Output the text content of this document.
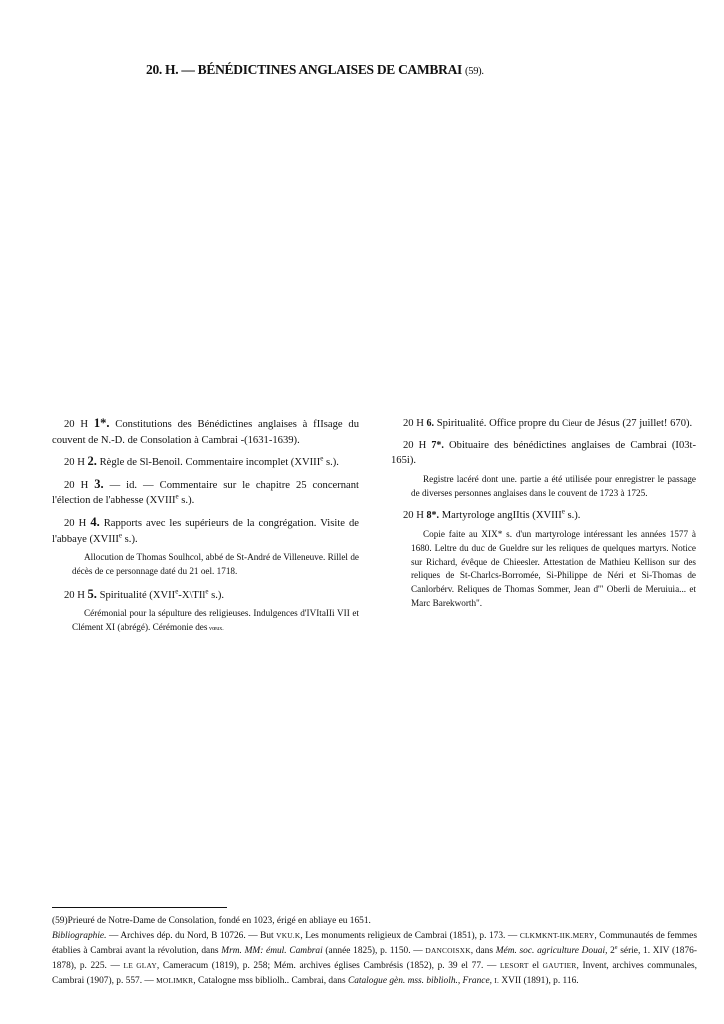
20. H. — BÉNÉDICTINES ANGLAISES DE CAMBRAI (59).

20 H 1*. Constitutions des Bénédictines anglaises à fIIsage du couvent de N.-D. de Consolation à Cambrai -(1631-1639).

20 H 2. Règle de Sl-Benoil. Commentaire incomplet (XVIIIe s.).

20 H 3. — id. — Commentaire sur le chapitre 25 concernant l'élection de l'abhesse (XVIIIe s.).

20 H 4. Rapports avec les supérieurs de la congrégation. Visite de l'abbaye (XVIIIe s.).

Allocution de Thomas Soulhcol, abbé de St-André de Villeneuve. Rillel de décès de ce personnage daté du 21 oel. 1718.

20 H 5. Spiritualité (XVIIe-X\TIl$^e$ s.).

Cérémonial pour la sépulture des religieuses. Indulgences d'IVItaIIi VII et Clément XI (abrégé). Cérémonie des vœux.

20 H 6. Spiritualité. Office propre du Cieur de Jésus (27 juillet! 670).

20 H 7*. Obituaire des bénédictines anglaises de Cambrai (I03t-165i).

Registre lacéré dont une. partie a été utilisée pour enregistrer le passage de diverses personnes anglaises dans le couvent de 1723 à 1725.

20 H 8*. Martyrologe angIItis (XVIIIe s.).

Copie faite au XIX* s. d'un martyrologe intéressant les années 1577 à 1680. Leltre du duc de Gueldre sur les reliques de quelques martyrs. Notice sur Richard, évêque de Chieesler. Attestation de Mathieu Kellison sur des reliques de St-Charlcs-Borromée, Si-Philippe de Néri et Si-Thomas de Canlorbérv. Reliques de Thomas Sommer, Jean d'" Oberli de Meruiuia... et Marc Barekworth".

(59)Prieuré de Notre-Dame de Consolation, fondé en 1023, érigé en abliaye eu 1651.

Bibliographie. — Archives dép. du Nord, B 10726. — But VKU.K, Les monuments religieux de Cambrai (1851), p. 173. — CLKMKNT-IIK.MERY, Communautés de femmes établies à Cambrai avant la révolution, dans Mrm. MM: émul. Cambrai (année 1825), p. 1150. — DANCOISXK, dans Mém. soc. agriculture Douai, 2e série, 1. XIV (1876-1878), p. 225. — LE GLAY, Cameracum (1819), p. 258; Mém. archives églises Cambrésis (1852), p. 39 el 77. — LESORT el GAUTIER, Invent, archives communales, Cambrai (1907), p. 557. — MOLIMKR, Catalogne mss bibliolh.. Cambrai, dans Catalogue gèn. mss. bibliolh., France, I. XVII (1891), p. 116.
